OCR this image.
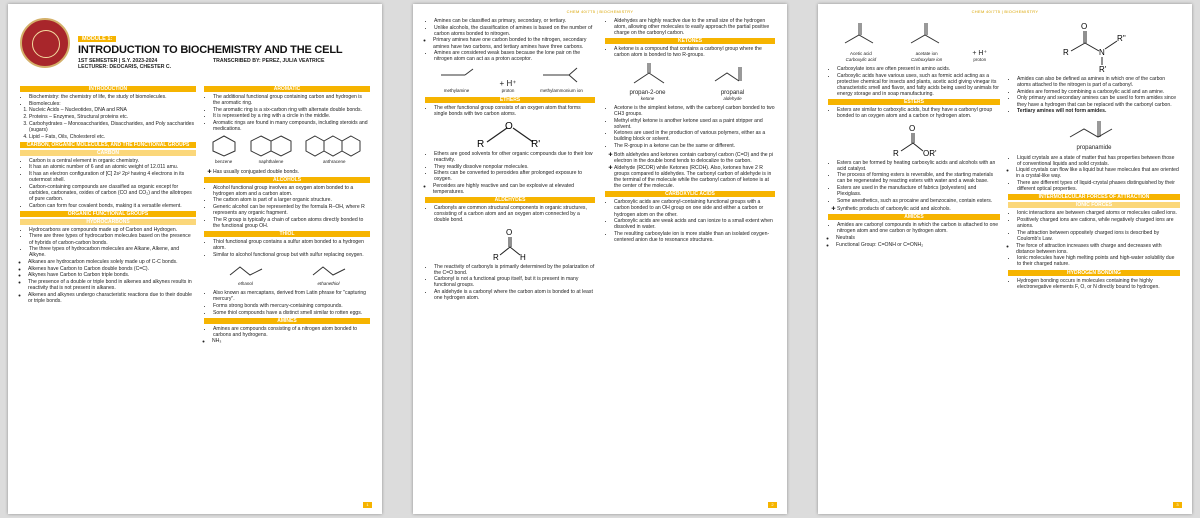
MODULE 1:
INTRODUCTION TO BIOCHEMISTRY AND THE CELL
1ST SEMESTER | S.Y. 2023-2024
LECTURER: DEOCARIS, CHESTER C.
TRANSCRIBED BY: PEREZ, JULIA VEATRICE
INTRODUCTION
• Biochemistry: the chemistry of life, the study of biomolecules.
• Biomolecules:
1. Nucleic Acids – Nucleotides, DNA and RNA
2. Proteins – Enzymes, Structural proteins etc.
3. Carbohydrates – Monosaccharides, Disaccharides, and Poly saccharides (sugars)
4. Lipid – Fats, Oils, Cholesterol etc.
CARBON, ORGANIC MOLECULES, AND THE FUNCTIONAL GROUPS
CARBON
• Carbon is a central element in organic chemistry.
• It has an atomic number of 6 and an atomic weight of 12.011 amu.
• It has an electron configuration of [C] 2s² 2p² having 4 electrons in its outermost shell.
• Carbon-containing compounds are classified as organic except for carbides, carbonates, oxides of carbon (CO and CO₂) and the allotropes of pure carbon.
• Carbon can form four covalent bonds, making it a versatile element.
ORGANIC FUNCTIONAL GROUPS
HYDROCARBONS
• Hydrocarbons are compounds made up of Carbon and Hydrogen.
• There are three types of hydrocarbon molecules based on the presence of hybrids of carbon-carbon bonds.
• The three types of hydrocarbon molecules are Alkane, Alkene, and Alkyne.
◦ Alkanes are hydrocarbon molecules solely made up of C-C bonds.
◦ Alkenes have Carbon to Carbon double bonds (C=C).
◦ Alkynes have Carbon to Carbon triple bonds.
◦ The presence of a double or triple bond in alkenes and alkynes results in reactivity that is not present in alkanes.
◦ Alkenes and alkynes undergo characteristic reactions due to their double or triple bonds.
AROMATIC
• The additional functional group containing carbon and hydrogen is the aromatic ring.
• The aromatic ring is a six-carbon ring with alternate double bonds.
• It is represented by a ring with a circle in the middle.
• Aromatic rings are found in many compounds, including steroids and medications.
benzene	naphthalene	anthracene
✚ Has usually conjugated double bonds.
ALCOHOLS
• Alcohol functional group involves an oxygen atom bonded to a hydrogen atom and a carbon atom.
• The carbon atom is part of a larger organic structure.
• Generic alcohol can be represented by the formula R–OH, where R represents any organic fragment.
• The R group is typically a chain of carbon atoms directly bonded to the functional group OH.
THIOL
• Thiol functional group contains a sulfur atom bonded to a hydrogen atom.
• Similar to alcohol functional group but with sulfur replacing oxygen.
ethanol	ethanethiol
• Also known as mercaptans, derived from Latin phrase for "capturing mercury".
• Forms strong bonds with mercury-containing compounds.
• Some thiol compounds have a distinct smell similar to rotten eggs.
AMINES
• Amines are compounds consisting of a nitrogen atom bonded to carbons and hydrogens.
◦ NH₃
1
CHEM 40/7T5 | BIOCHEMISTRY
• Amines can be classified as primary, secondary, or tertiary.
• Unlike alcohols, the classification of amines is based on the number of carbon atoms bonded to nitrogen.
◦ Primary amines have one carbon bonded to the nitrogen, secondary amines have two carbons, and tertiary amines have three carbons.
• Amines are considered weak bases because the lone pair on the nitrogen atom can act as a proton acceptor.
methylamine
+ H⁺
proton	methylammonium ion
ETHERS
• The ether functional group consists of an oxygen atom that forms single bonds with two carbon atoms.
R
O
R'
• Ethers are good solvents for other organic compounds due to their low reactivity.
• They readily dissolve nonpolar molecules.
• Ethers can be converted to peroxides after prolonged exposure to oxygen.
◦ Peroxides are highly reactive and can be explosive at elevated temperatures.
ALDEHYDES
• Carbonyls are common structural components in organic structures, consisting of a carbon atom and an oxygen atom connected by a double bond.
O
R	H
• The reactivity of carbonyls is primarily determined by the polarization of the C=O bond.
• Carbonyl is not a functional group itself, but it is present in many functional groups.
• An aldehyde is a carbonyl where the carbon atom is bonded to at least one hydrogen atom.
• Aldehydes are highly reactive due to the small size of the hydrogen atom, allowing other molecules to easily approach the partial positive charge on the carbonyl carbon.
KETONES
• A ketone is a compound that contains a carbonyl group where the carbon atom is bonded to two R-groups.
propan-2-one
ketone
propanal
aldehyde
• Acetone is the simplest ketone, with the carbonyl carbon bonded to two CH3 groups.
• Methyl ethyl ketone is another ketone used as a paint stripper and solvent.
• Ketones are used in the production of various polymers, either as a building block or solvent.
• The R-group in a ketone can be the same or different.
✚ Both aldehydes and ketones contain carbonyl carbon (C=O) and the pi electron in the double bond tends to delocalize to the carbon.
✚ Aldehyde (RCOR) while Ketones (RCOH). Also, ketones have 2 R groups compared to aldehydes. The carbonyl carbon of aldehyde is in the terminal of the molecule while the carbonyl carbon of ketone is at the center of the molecule.
CARBOXYLIC ACIDS
• Carboxylic acids are carbonyl-containing functional groups with a carbon bonded to an OH group on one side and either a carbon or hydrogen atom on the other.
• Carboxylic acids are weak acids and can ionize to a small extent when dissolved in water.
• The resulting carboxylate ion is more stable than an isolated oxygen-centered anion due to resonance structures.
2
CHEM 40/7T5 | BIOCHEMISTRY
Acetic acid
Carboxylic acid
acetate ion
Carboxylate ion
+ H⁺
proton
• Carboxylate ions are often present in amino acids.
• Carboxylic acids have various uses, such as formic acid acting as a protective chemical for insects and plants, acetic acid giving vinegar its characteristic smell and flavor, and fatty acids being used by animals for energy storage and in soap manufacturing.
ESTERS
• Esters are similar to carboxylic acids, but they have a carbonyl group bonded to an oxygen atom and a carbon or hydrogen atom.
O
R	OR'
• Esters can be formed by heating carboxylic acids and alcohols with an acid catalyst.
• The process of forming esters is reversible, and the starting materials can be regenerated by reacting esters with water and a weak base.
• Esters are used in the manufacture of fabrics (polyesters) and Plexiglass.
• Some anesthetics, such as procaine and benzocaine, contain esters.
✚ Synthetic products of carboxylic acid and alcohols.
AMIDES
• Amides are carbonyl compounds in which the carbon is attached to one nitrogen atom and one carbon or hydrogen atom.
◦ Neutrals
◦ Functional Group: C=ONH or C=ONH₂
O
R	N
R''
R'
• Amides can also be defined as amines in which one of the carbon atoms attached to the nitrogen is part of a carbonyl.
• Amides are formed by combining a carboxylic acid and an amine.
• Only primary and secondary amines can be used to form amides since they have a hydrogen that can be replaced with the carbonyl carbon.
• Tertiary amines will not form amides.
propanamide
• Liquid crystals are a state of matter that has properties between those of conventional liquids and solid crystals.
◦ Liquid crystals can flow like a liquid but have molecules that are oriented in a crystal-like way.
• There are different types of liquid-crystal phases distinguished by their different optical properties.
INTERMOLECULAR FORCES OF ATTRACTION
IONIC FORCES
• Ionic interactions are between charged atoms or molecules called ions.
• Positively charged ions are cations, while negatively charged ions are anions.
• The attraction between oppositely charged ions is described by Coulomb's Law.
◦ The force of attraction increases with charge and decreases with distance between ions.
• Ionic molecules have high melting points and high-water solubility due to their charged nature.
HYDROGEN BONDING
• Hydrogen bonding occurs in molecules containing the highly electronegative elements F, O, or N directly bound to hydrogen.
3
